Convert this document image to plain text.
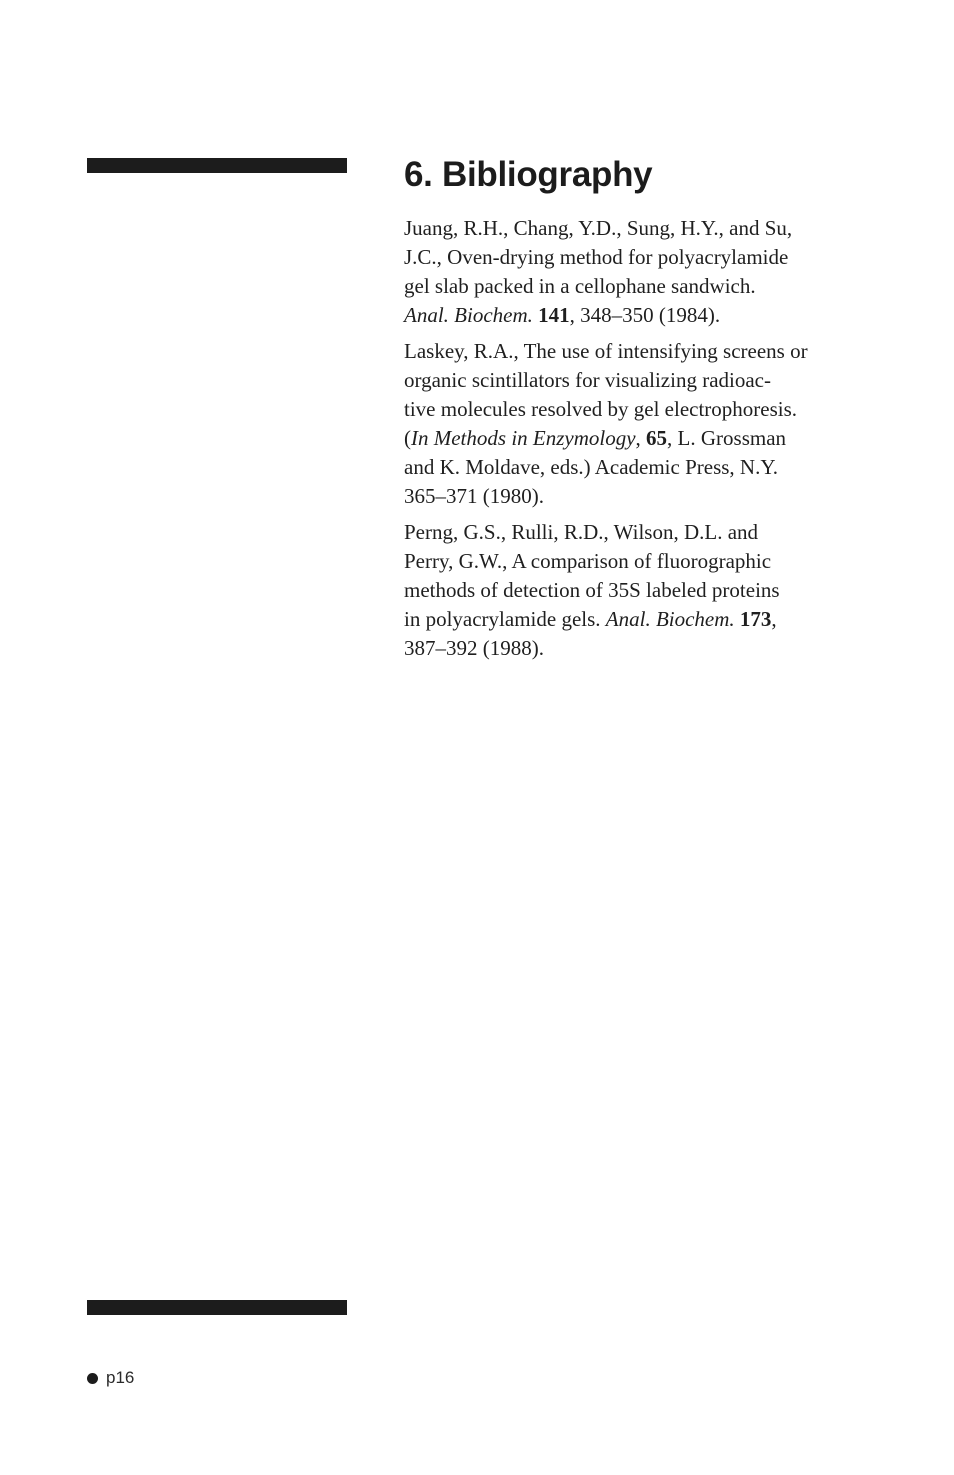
6. Bibliography
Juang, R.H., Chang, Y.D., Sung, H.Y., and Su,
J.C., Oven-drying method for polyacrylamide
gel slab packed in a cellophane sandwich.
Anal. Biochem. 141, 348–350 (1984).
Laskey, R.A., The use of intensifying screens or
organic scintillators for visualizing radioac-
tive molecules resolved by gel electrophoresis.
(In Methods in Enzymology, 65, L. Grossman
and K. Moldave, eds.) Academic Press, N.Y.
365–371 (1980).
Perng, G.S., Rulli, R.D., Wilson, D.L. and
Perry, G.W., A comparison of fluorographic
methods of detection of 35S labeled proteins
in polyacrylamide gels. Anal. Biochem. 173,
387–392 (1988).
p16
